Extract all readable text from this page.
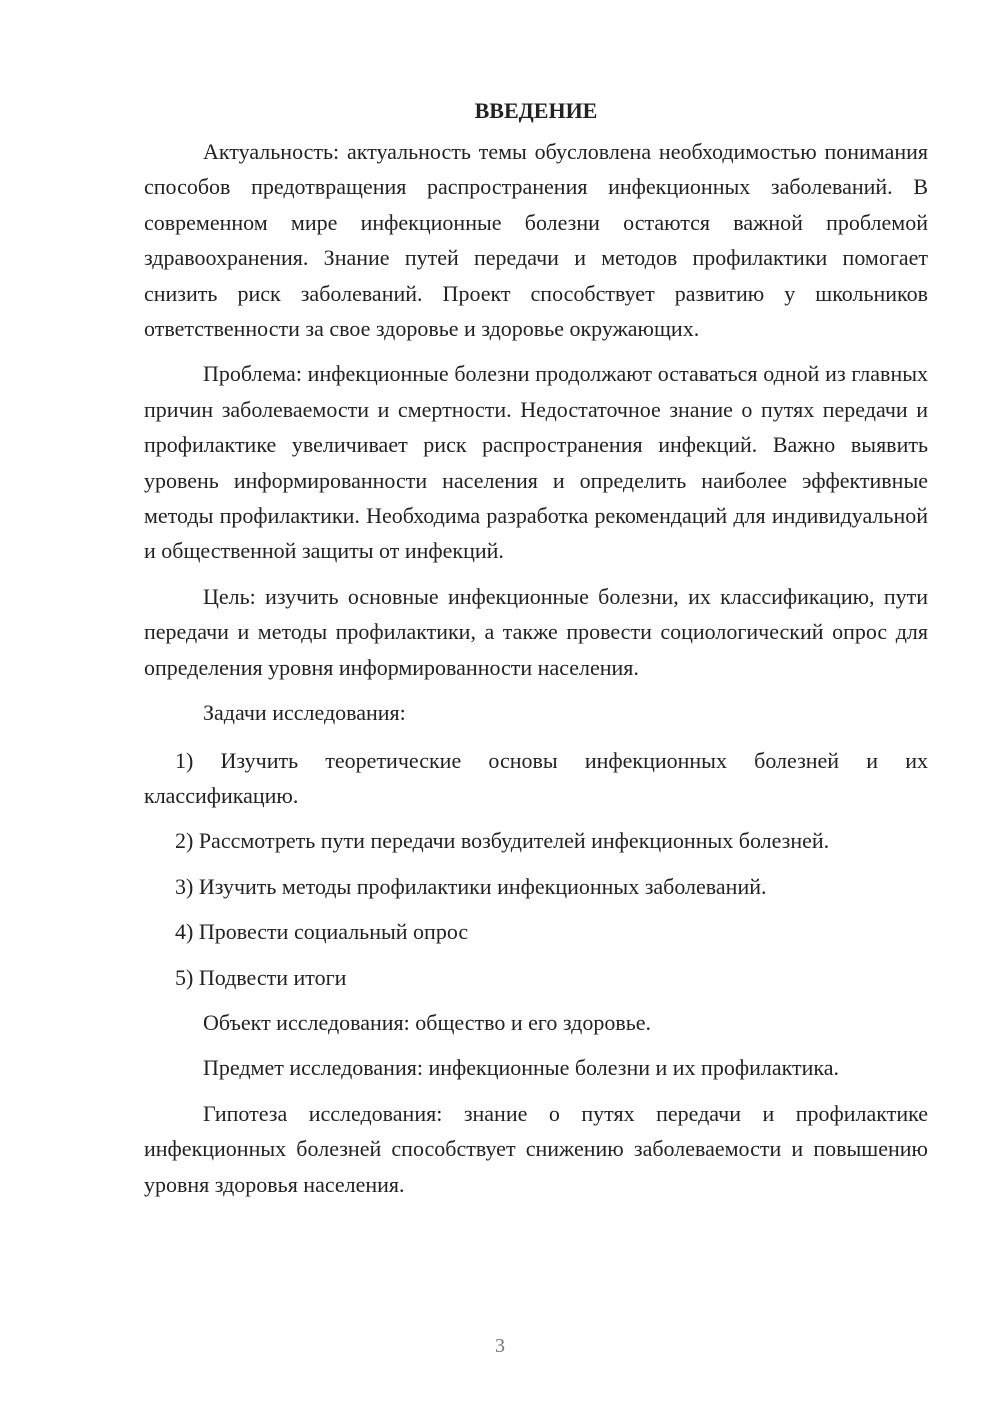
ВВЕДЕНИЕ

Актуальность: актуальность темы обусловлена необходимостью понимания способов предотвращения распространения инфекционных заболеваний. В современном мире инфекционные болезни остаются важной проблемой здравоохранения. Знание путей передачи и методов профилактики помогает снизить риск заболеваний. Проект способствует развитию у школьников ответственности за свое здоровье и здоровье окружающих.

Проблема: инфекционные болезни продолжают оставаться одной из главных причин заболеваемости и смертности. Недостаточное знание о путях передачи и профилактике увеличивает риск распространения инфекций. Важно выявить уровень информированности населения и определить наиболее эффективные методы профилактики. Необходима разработка рекомендаций для индивидуальной и общественной защиты от инфекций.

Цель: изучить основные инфекционные болезни, их классификацию, пути передачи и методы профилактики, а также провести социологический опрос для определения уровня информированности населения.

Задачи исследования:

1) Изучить теоретические основы инфекционных болезней и их классификацию.

2) Рассмотреть пути передачи возбудителей инфекционных болезней.

3) Изучить методы профилактики инфекционных заболеваний.

4) Провести социальный опрос

5) Подвести итоги

Объект исследования: общество и его здоровье.

Предмет исследования: инфекционные болезни и их профилактика.

Гипотеза исследования: знание о путях передачи и профилактике инфекционных болезней способствует снижению заболеваемости и повышению уровня здоровья населения.

3
